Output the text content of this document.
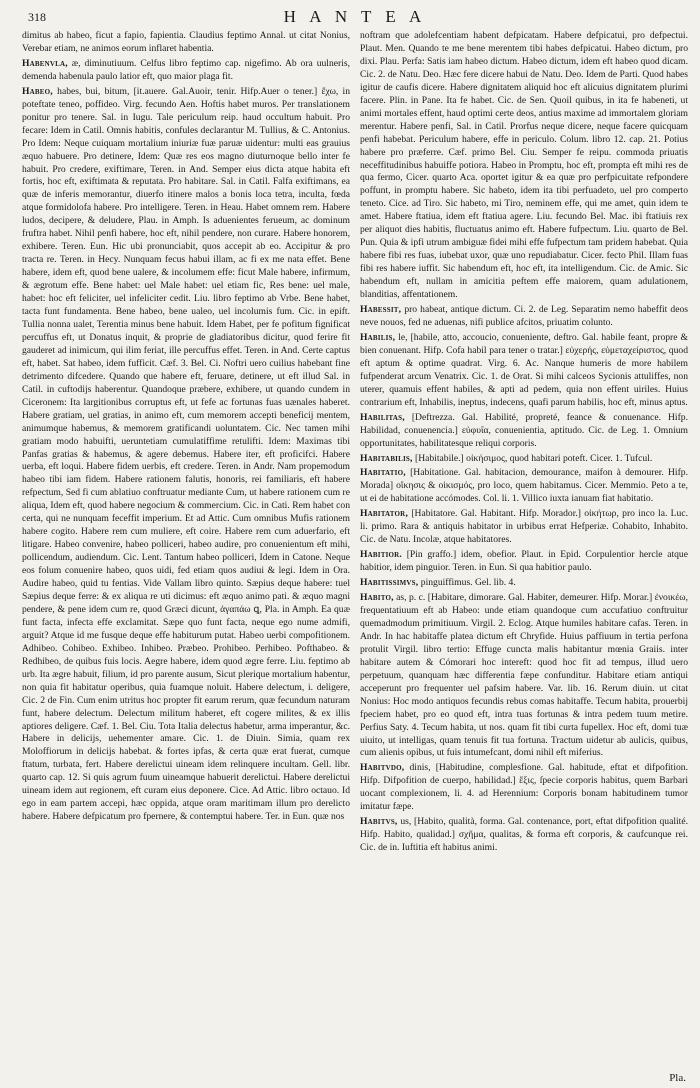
318	H A N T E A

dimitus ab habeo, ficut a fapio, fapientia. Claudius feptimo Annal. ut citat Nonius, Verebar etiam, ne animos eorum inflaret habentia.

Habenvla, æ, diminutiuum. Celfus libro feptimo cap. nigefimo. Ab ora uulneris, demenda habenula paulo latior eft, quo maior plaga fit.

Habeo, habes, bui, bitum, [it.auere. Gal.Auoir, tenir. Hifp.Auer o tener.] ἔχω, in poteftate teneo, poffideo. Virg. fecundo Aen. Hoftis habet muros. Per translationem ponitur pro tenere. Sal. in Iugu. Tale periculum reip. haud occultum habuit. Pro fecare: Idem in Catil. Omnis habitis, confules declarantur M. Tullius, & C. Antonius. Pro Idem: Neque cuiquam mortalium iniuriæ fuæ paruæ uidentur: multi eas grauius æquo habuere. Pro detinere, Idem: Quæ res eos magno diuturnoque bello inter fe habuit. Pro credere, exiftimare, Teren. in And. Semper eius dicta atque habita eft fortis, hoc eft, exiftimata & reputata. Pro habitare. Sal. in Catil. Falfa exiftimans, ea quæ de inferis memorantur, diuerfo itinere malos a bonis loca tetra, inculta, fœda atque formidolofa habere. Pro intelligere. Teren. in Heau. Habet omnem rem. Habere ludos, decipere, & deludere, Plau. in Amph. Is aduenientes ferueum, ac dominum fruftra habet. Nihil penfi habere, hoc eft, nihil pendere, non curare. Habere honorem, exhibere. Teren. Eun. Hic ubi pronunciabit, quos accepit ab eo. Accipitur & pro tracta re. Teren. in Hecy. Nunquam fecus habui illam, ac fi ex me nata effet. Bene habere, idem eft, quod bene ualere, & incolumem effe: ficut Male habere, infirmum, & ægrotum effe. Bene habet: uel Male habet: uel etiam fic, Res bene: uel male, habet: hoc eft feliciter, uel infeliciter cedit. Liu. libro feptimo ab Vrbe. Bene habet, tacta funt fundamenta. Bene habeo, bene ualeo, uel incolumis fum. Cic. in epift. Tullia nonna ualet, Terentia minus bene habuit. Idem Habet, per fe pofitum fignificat percuffus eft, ut Donatus inquit, & proprie de gladiatoribus dicitur, quod ferire fit gauderet ad inimicum, qui ilim feriat, ille percuffus effet. Teren. in And. Certe captus eft, habet. Sat habeo, idem fufficit. Cæf. 3. Bel. Ci. Noftri uero cuilius habebant fine detrimento difcedere. Quando que habere eft, feruare, detinere, ut eft illud Sal. in Catil. in cuftodijs haberentur. Quandoque præbere, exhibere, ut quando cundem in Ciceronem: Ita largitionibus corruptus eft, ut fefe ac fortunas fuas uænales haberet. Habere gratiam, uel gratias, in animo eft, cum memorem accepti beneficij mentem, animumque habemus, & memorem gratificandi uoluntatem. Cic. Nec tamen mihi gratiam modo habuifti, ueruntetiam cumulatiffime retulifti. Idem: Maximas tibi Panfas gratias & habemus, & agere debemus. Habere iter, eft proficifci. Habere uerba, eft loqui. Habere fidem uerbis, eft credere. Teren. in Andr. Nam propemodum habeo tibi iam fidem. Habere rationem falutis, honoris, rei familiaris, eft habere refpectum, Sed fi cum ablatiuo conftruatur mediante Cum, ut habere rationem cum re aliqua, Idem eft, quod habere negocium & commercium. Cic. in Cati. Rem habet con certa, qui ne nunquam feceffit imperium. Et ad Attic. Cum omnibus Mufis rationem habere cogito. Habere rem cum muliere, eft coire. Habere rem cum aduerfario, eft litigare. Habeo convenire, habeo polliceri, habeo audire, pro conuenientum eft mihi, pollicendum, audiendum. Cic. Lent. Tantum habeo polliceri, Idem in Catone. Neque eos folum conuenire habeo, quos uidi, fed etiam quos audiui & legi. Idem in Ora. Audire habeo, quid tu fentias. Vide Vallam libro quinto. Sæpius deque habere: tuel Sæpius deque ferre: & ex aliqua re uti dicimus: eft æquo animo pati. & æquo magni pendere, & pene idem cum re, quod Græci dicunt, ἀγαπάω ꝗ, Pla. in Amph. Ea quæ funt facta, infecta effe exclamitat. Sæpe quo funt facta, neque ego nume admifi, arguit? Atque id me fusque deque effe habiturum putat. Habeo uerbi compofitionem. Adhibeo. Cohibeo. Exhibeo. Inhibeo. Præbeo. Prohibeo. Perhibeo. Pofthabeo. & Redhibeo, de quibus fuis locis. Aegre habere, idem quod ægre ferre. Liu. feptimo ab urb. Ita ægre habuit, filium, id pro parente ausum, Sicut plerique mortalium habentur, non quia fit habitatur operibus, quia fuamque noluit. Habere delectum, i. deligere, Cic. 2 de Fin. Cum enim utritus hoc propter fit earum rerum, quæ fecundum naturam funt, habere delectum. Delectum militum haberet, eft cogere milites, & ex illis aptiores deligere. Cæf. 1. Bel. Ciu. Tota Italia delectus habetur, arma imperantur, &c. Habere in delicijs, uehementer amare. Cic. 1. de Diuin. Simia, quam rex Moloffiorum in delicijs habebat. & fortes ipfas, & certa quæ erat fuerat, cumque ftatum, turbata, fert. Habere derelictui uineam idem relinquere incultam. Gell. libr. quarto cap. 12. Si quis agrum fuum uineamque habuerit derelictui. Habere derelictui uineam idem aut regionem, eft curam eius deponere. Cice. Ad Attic. libro octauo. Id ego in eam partem accepi, hæc oppida, atque oram maritimam illum pro derelicto habere. Habere defpicatum pro fpernere, & contemptui habere. Ter. in Eun. quæ nos

noftram que adolefcentiam habent defpicatam. Habere defpicatui, pro defpectui. Plaut. Men. Quando te me bene merentem tibi habes defpicatui. Habeo dictum, pro dixi. Plau. Perfa: Satis iam habeo dictum. Habeo dictum, idem eft habeo quod dicam. Cic. 2. de Natu. Deo. Hæc fere dicere habui de Natu. Deo. Idem de Parti. Quod habes igitur de caufis dicere. Habere dignitatem aliquid hoc eft alicuius dignitatem plurimi facere. Plin. in Pane. Ita fe habet. Cic. de Sen. Quoil quibus, in ita fe habeneti, ut animi mortales effent, haud optimi certe deos, antius maxime ad immortalem gloriam merentur. Habere penfi, Sal. in Catil. Prorfus neque dicere, neque facere quicquam penfi habebat. Periculum habere, effe in periculo. Colum. libro 12. cap. 21. Potius habere pro præferre. Cæf. primo Bel. Ciu. Semper fe reipu. commoda priuatis neceffitudinibus habuiffe potiora. Habeo in Promptu, hoc eft, prompta eft mihi res de qua fermo, Cicer. quarto Aca. oportet igitur & ea quæ pro perfpicuitate refpondere poffunt, in promptu habere. Sic habeto, idem ita tibi perfuadeto, uel pro comperto teneto. Cice. ad Tiro. Sic habeto, mi Tiro, neminem effe, qui me amet, quin idem te amet. Habere ftatiua, idem eft ftatiua agere. Liu. fecundo Bel. Mac. ibi ftatiuis rex per aliquot dies habitis, fluctuatus animo eft. Habere fufpectum. Liu. quarto de Bel. Pun. Quia & ipfi utrum ambiguæ fidei mihi effe fufpectum tam pridem habebat. Quia habere fibi res fuas, iubebat uxor, quæ uno repudiabatur. Cicer. fecto Phil. Illam fuas fibi res habere iuffit. Sic habendum eft, hoc eft, ita intelligendum. Cic. de Amic. Sic habendum eft, nullam in amicitia peftem effe maiorem, quam adulationem, blanditias, affentationem.

Habessit, pro habeat, antique dictum. Ci. 2. de Leg. Separatim nemo habeffit deos neve nouos, fed ne aduenas, nifi publice afcitos, priuatim colunto.

Habilis, le, [habile, atto, accoucio, conuenientе, deftro. Gal. habile feant, propre & bien conuenant. Hifp. Cofa habil para tener o tratar.] εὐχερής, εὐμεταχείριστος, quod eft aptum & optime quadrat. Virg. 6. Ac. Nanque humeris de more habilem fufpenderat arcum Venatrix. Cic. 1. de Orat. Si mihi calceos Sycionis attuliffes, non uterer, quamuis effent habiles, & apti ad pedem, quia non effent uiriles. Huius contrarium eft, Inhabilis, ineptus, indecens, quafi parum habilis, hoc eft, minus aptus.

Habilitas, [Deftrezza. Gal. Habilité, propreté, feance & conuenance. Hifp. Habilidad, conuenencia.] εὐφυΐα, conuenientia, aptitudo. Cic. de Leg. 1. Omnium opportunitates, habilitatesque reliqui corporis.

Habitabilis, [Habitabile.] οἰκήσιμος, quod habitari poteft. Cicer. 1. Tufcul.

Habitatio, [Habitatione. Gal. habitacion, demourance, maifon à demourer. Hifp. Morada] οἴκησις & οἰκισμός, pro loco, quem habitamus. Cicer. Memmio. Peto a te, ut ei de habitatione accómodes. Col. li. 1. Villico iuxta ianuam fiat habitatio.

Habitator, [Habitatore. Gal. Habitant. Hifp. Morador.] οἰκήτωρ, pro inco la. Luc. li. primo. Rara & antiquis habitator in urbibus errat Hefperiæ. Cohabito, Inhabito. Cic. de Natu. Incolæ, atque habitatores.

Habitior. [Pin graffo.] idem, obefior. Plaut. in Epid. Corpulentior hercle atque habitior, idem pinguior. Teren. in Eun. Si qua habitior paulo.

Habitissimvs, pinguiffimus. Gel. lib. 4.

Habito, as, p. c. [Habitare, dimorare. Gal. Habiter, demeurer. Hifp. Morar.] ἐνοικέω, frequentatiuum eft ab Habeo: unde etiam quandoque cum accufatiuo conftruitur quemadmodum primitiuum. Virgil. 2. Eclog. Atque humiles habitare cafas. Teren. in Andr. In hac habitaffe platea dictum eft Chryfide. Huius paffiuum in tertia perfona protulit Virgil. libro tertio: Effuge cuncta malis habitantur mœnia Graiis. inter habitare autem & Cómorari hoc intereft: quod hoc fit ad tempus, illud uero perpetuum, quanquam hæc differentia fæpe confunditur. Habitare etiam antiqui acceperunt pro frequenter uel pafsim habere. Var. lib. 16. Rerum diuin. ut citat Nonius: Hoc modo antiquos fecundis rebus comas habitaffe. Tecum habita, prouerbij fpeciem habet, pro eo quod eft, intra tuas fortunas & intra pedem tuum metire. Perfius Saty. 4. Tecum habita, ut nos. quam fit tibi curta fupellex. Hoc eft, domi tuæ uiuito, ut intelligas, quam tenuis fit tua fortuna. Tractum uidetur ab aulicis, quibus, cum alienis opibus, ut fuis intumefcant, domi nihil eft miferius.

Habitvdo, dinis, [Habitudine, complesfione. Gal. habitude, eftat et difpofition. Hifp. Difpofition de cuerpo, habilidad.] ἕξις, ſpecie corporis habitus, quem Barbari uocant complexionem, li. 4. ad Herennium: Corporis bonam habitudinem tumor imitatur fæpe.

Habitvs, us, [Habito, qualità, forma. Gal. contenance, port, eftat difpofition qualité. Hifp. Habito, qualidad.] σχῆμα, qualitas, & forma eft corporis, & caufcunque rei. Cic. de in. Iuftitia eft habitus animi.

Pla.
